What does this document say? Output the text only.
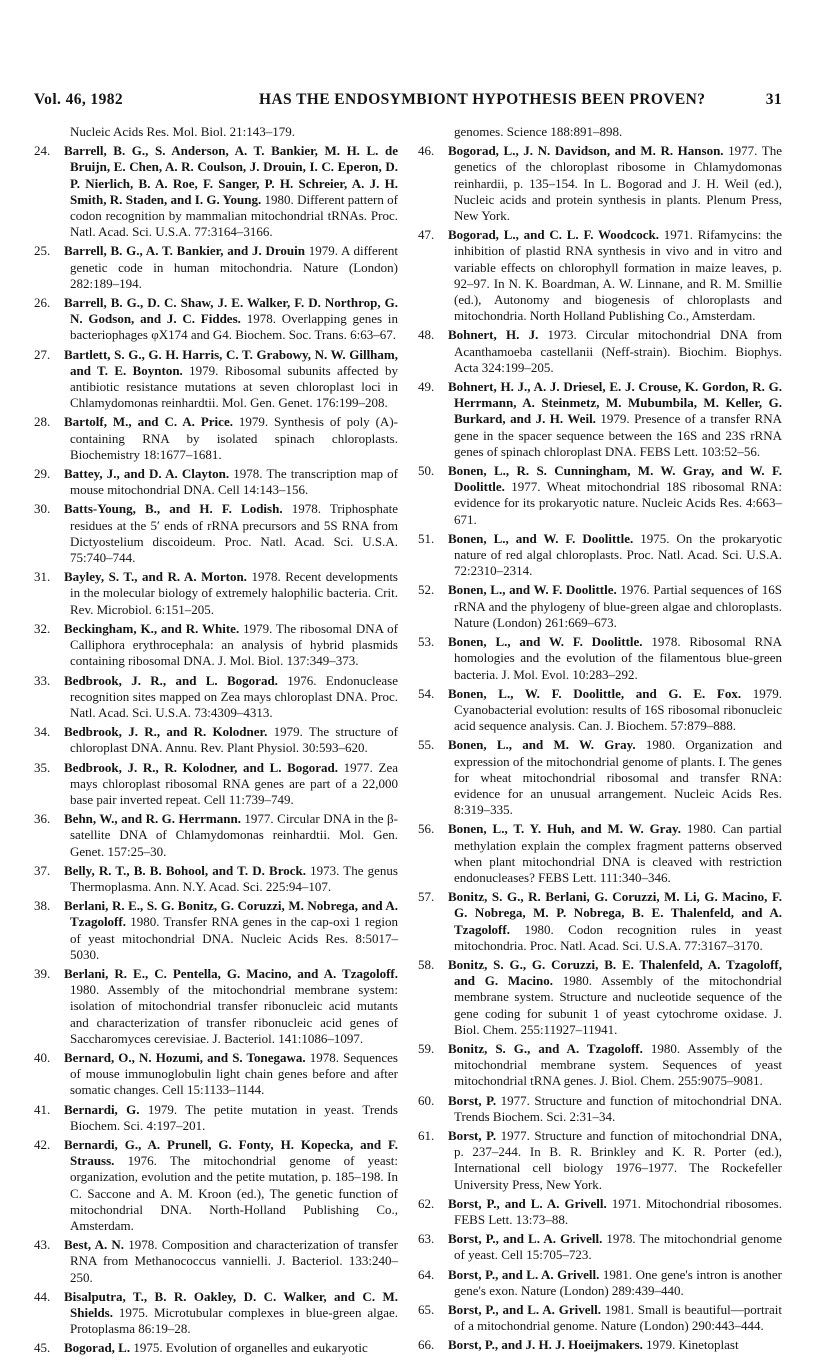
Vol. 46, 1982	HAS THE ENDOSYMBIONT HYPOTHESIS BEEN PROVEN?	31

Nucleic Acids Res. Mol. Biol. 21:143–179.

24. Barrell, B. G., S. Anderson, A. T. Bankier, M. H. L. de Bruijn, E. Chen, A. R. Coulson, J. Drouin, I. C. Eperon, D. P. Nierlich, B. A. Roe, F. Sanger, P. H. Schreier, A. J. H. Smith, R. Staden, and I. G. Young. 1980. Different pattern of codon recognition by mammalian mitochondrial tRNAs. Proc. Natl. Acad. Sci. U.S.A. 77:3164–3166.

25. Barrell, B. G., A. T. Bankier, and J. Drouin 1979. A different genetic code in human mitochondria. Nature (London) 282:189–194.

26. Barrell, B. G., D. C. Shaw, J. E. Walker, F. D. Northrop, G. N. Godson, and J. C. Fiddes. 1978. Overlapping genes in bacteriophages φX174 and G4. Biochem. Soc. Trans. 6:63–67.

27. Bartlett, S. G., G. H. Harris, C. T. Grabowy, N. W. Gillham, and T. E. Boynton. 1979. Ribosomal subunits affected by antibiotic resistance mutations at seven chloroplast loci in Chlamydomonas reinhardtii. Mol. Gen. Genet. 176:199–208.

28. Bartolf, M., and C. A. Price. 1979. Synthesis of poly (A)-containing RNA by isolated spinach chloroplasts. Biochemistry 18:1677–1681.

29. Battey, J., and D. A. Clayton. 1978. The transcription map of mouse mitochondrial DNA. Cell 14:143–156.

30. Batts-Young, B., and H. F. Lodish. 1978. Triphosphate residues at the 5′ ends of rRNA precursors and 5S RNA from Dictyostelium discoideum. Proc. Natl. Acad. Sci. U.S.A. 75:740–744.

31. Bayley, S. T., and R. A. Morton. 1978. Recent developments in the molecular biology of extremely halophilic bacteria. Crit. Rev. Microbiol. 6:151–205.

32. Beckingham, K., and R. White. 1979. The ribosomal DNA of Calliphora erythrocephala: an analysis of hybrid plasmids containing ribosomal DNA. J. Mol. Biol. 137:349–373.

33. Bedbrook, J. R., and L. Bogorad. 1976. Endonuclease recognition sites mapped on Zea mays chloroplast DNA. Proc. Natl. Acad. Sci. U.S.A. 73:4309–4313.

34. Bedbrook, J. R., and R. Kolodner. 1979. The structure of chloroplast DNA. Annu. Rev. Plant Physiol. 30:593–620.

35. Bedbrook, J. R., R. Kolodner, and L. Bogorad. 1977. Zea mays chloroplast ribosomal RNA genes are part of a 22,000 base pair inverted repeat. Cell 11:739–749.

36. Behn, W., and R. G. Herrmann. 1977. Circular DNA in the β-satellite DNA of Chlamydomonas reinhardtii. Mol. Gen. Genet. 157:25–30.

37. Belly, R. T., B. B. Bohool, and T. D. Brock. 1973. The genus Thermoplasma. Ann. N.Y. Acad. Sci. 225:94–107.

38. Berlani, R. E., S. G. Bonitz, G. Coruzzi, M. Nobrega, and A. Tzagoloff. 1980. Transfer RNA genes in the cap-oxi 1 region of yeast mitochondrial DNA. Nucleic Acids Res. 8:5017–5030.

39. Berlani, R. E., C. Pentella, G. Macino, and A. Tzagoloff. 1980. Assembly of the mitochondrial membrane system: isolation of mitochondrial transfer ribonucleic acid mutants and characterization of transfer ribonucleic acid genes of Saccharomyces cerevisiae. J. Bacteriol. 141:1086–1097.

40. Bernard, O., N. Hozumi, and S. Tonegawa. 1978. Sequences of mouse immunoglobulin light chain genes before and after somatic changes. Cell 15:1133–1144.

41. Bernardi, G. 1979. The petite mutation in yeast. Trends Biochem. Sci. 4:197–201.

42. Bernardi, G., A. Prunell, G. Fonty, H. Kopecka, and F. Strauss. 1976. The mitochondrial genome of yeast: organization, evolution and the petite mutation, p. 185–198. In C. Saccone and A. M. Kroon (ed.), The genetic function of mitochondrial DNA. North-Holland Publishing Co., Amsterdam.

43. Best, A. N. 1978. Composition and characterization of transfer RNA from Methanococcus vannielli. J. Bacteriol. 133:240–250.

44. Bisalputra, T., B. R. Oakley, D. C. Walker, and C. M. Shields. 1975. Microtubular complexes in blue-green algae. Protoplasma 86:19–28.

45. Bogorad, L. 1975. Evolution of organelles and eukaryotic

genomes. Science 188:891–898.

46. Bogorad, L., J. N. Davidson, and M. R. Hanson. 1977. The genetics of the chloroplast ribosome in Chlamydomonas reinhardii, p. 135–154. In L. Bogorad and J. H. Weil (ed.), Nucleic acids and protein synthesis in plants. Plenum Press, New York.

47. Bogorad, L., and C. L. F. Woodcock. 1971. Rifamycins: the inhibition of plastid RNA synthesis in vivo and in vitro and variable effects on chlorophyll formation in maize leaves, p. 92–97. In N. K. Boardman, A. W. Linnane, and R. M. Smillie (ed.), Autonomy and biogenesis of chloroplasts and mitochondria. North Holland Publishing Co., Amsterdam.

48. Bohnert, H. J. 1973. Circular mitochondrial DNA from Acanthamoeba castellanii (Neff-strain). Biochim. Biophys. Acta 324:199–205.

49. Bohnert, H. J., A. J. Driesel, E. J. Crouse, K. Gordon, R. G. Herrmann, A. Steinmetz, M. Mubumbila, M. Keller, G. Burkard, and J. H. Weil. 1979. Presence of a transfer RNA gene in the spacer sequence between the 16S and 23S rRNA genes of spinach chloroplast DNA. FEBS Lett. 103:52–56.

50. Bonen, L., R. S. Cunningham, M. W. Gray, and W. F. Doolittle. 1977. Wheat mitochondrial 18S ribosomal RNA: evidence for its prokaryotic nature. Nucleic Acids Res. 4:663–671.

51. Bonen, L., and W. F. Doolittle. 1975. On the prokaryotic nature of red algal chloroplasts. Proc. Natl. Acad. Sci. U.S.A. 72:2310–2314.

52. Bonen, L., and W. F. Doolittle. 1976. Partial sequences of 16S rRNA and the phylogeny of blue-green algae and chloroplasts. Nature (London) 261:669–673.

53. Bonen, L., and W. F. Doolittle. 1978. Ribosomal RNA homologies and the evolution of the filamentous blue-green bacteria. J. Mol. Evol. 10:283–292.

54. Bonen, L., W. F. Doolittle, and G. E. Fox. 1979. Cyanobacterial evolution: results of 16S ribosomal ribonucleic acid sequence analysis. Can. J. Biochem. 57:879–888.

55. Bonen, L., and M. W. Gray. 1980. Organization and expression of the mitochondrial genome of plants. I. The genes for wheat mitochondrial ribosomal and transfer RNA: evidence for an unusual arrangement. Nucleic Acids Res. 8:319–335.

56. Bonen, L., T. Y. Huh, and M. W. Gray. 1980. Can partial methylation explain the complex fragment patterns observed when plant mitochondrial DNA is cleaved with restriction endonucleases? FEBS Lett. 111:340–346.

57. Bonitz, S. G., R. Berlani, G. Coruzzi, M. Li, G. Macino, F. G. Nobrega, M. P. Nobrega, B. E. Thalenfeld, and A. Tzagoloff. 1980. Codon recognition rules in yeast mitochondria. Proc. Natl. Acad. Sci. U.S.A. 77:3167–3170.

58. Bonitz, S. G., G. Coruzzi, B. E. Thalenfeld, A. Tzagoloff, and G. Macino. 1980. Assembly of the mitochondrial membrane system. Structure and nucleotide sequence of the gene coding for subunit 1 of yeast cytochrome oxidase. J. Biol. Chem. 255:11927–11941.

59. Bonitz, S. G., and A. Tzagoloff. 1980. Assembly of the mitochondrial membrane system. Sequences of yeast mitochondrial tRNA genes. J. Biol. Chem. 255:9075–9081.

60. Borst, P. 1977. Structure and function of mitochondrial DNA. Trends Biochem. Sci. 2:31–34.

61. Borst, P. 1977. Structure and function of mitochondrial DNA, p. 237–244. In B. R. Brinkley and K. R. Porter (ed.), International cell biology 1976–1977. The Rockefeller University Press, New York.

62. Borst, P., and L. A. Grivell. 1971. Mitochondrial ribosomes. FEBS Lett. 13:73–88.

63. Borst, P., and L. A. Grivell. 1978. The mitochondrial genome of yeast. Cell 15:705–723.

64. Borst, P., and L. A. Grivell. 1981. One gene's intron is another gene's exon. Nature (London) 289:439–440.

65. Borst, P., and L. A. Grivell. 1981. Small is beautiful—portrait of a mitochondrial genome. Nature (London) 290:443–444.

66. Borst, P., and J. H. J. Hoeijmakers. 1979. Kinetoplast
